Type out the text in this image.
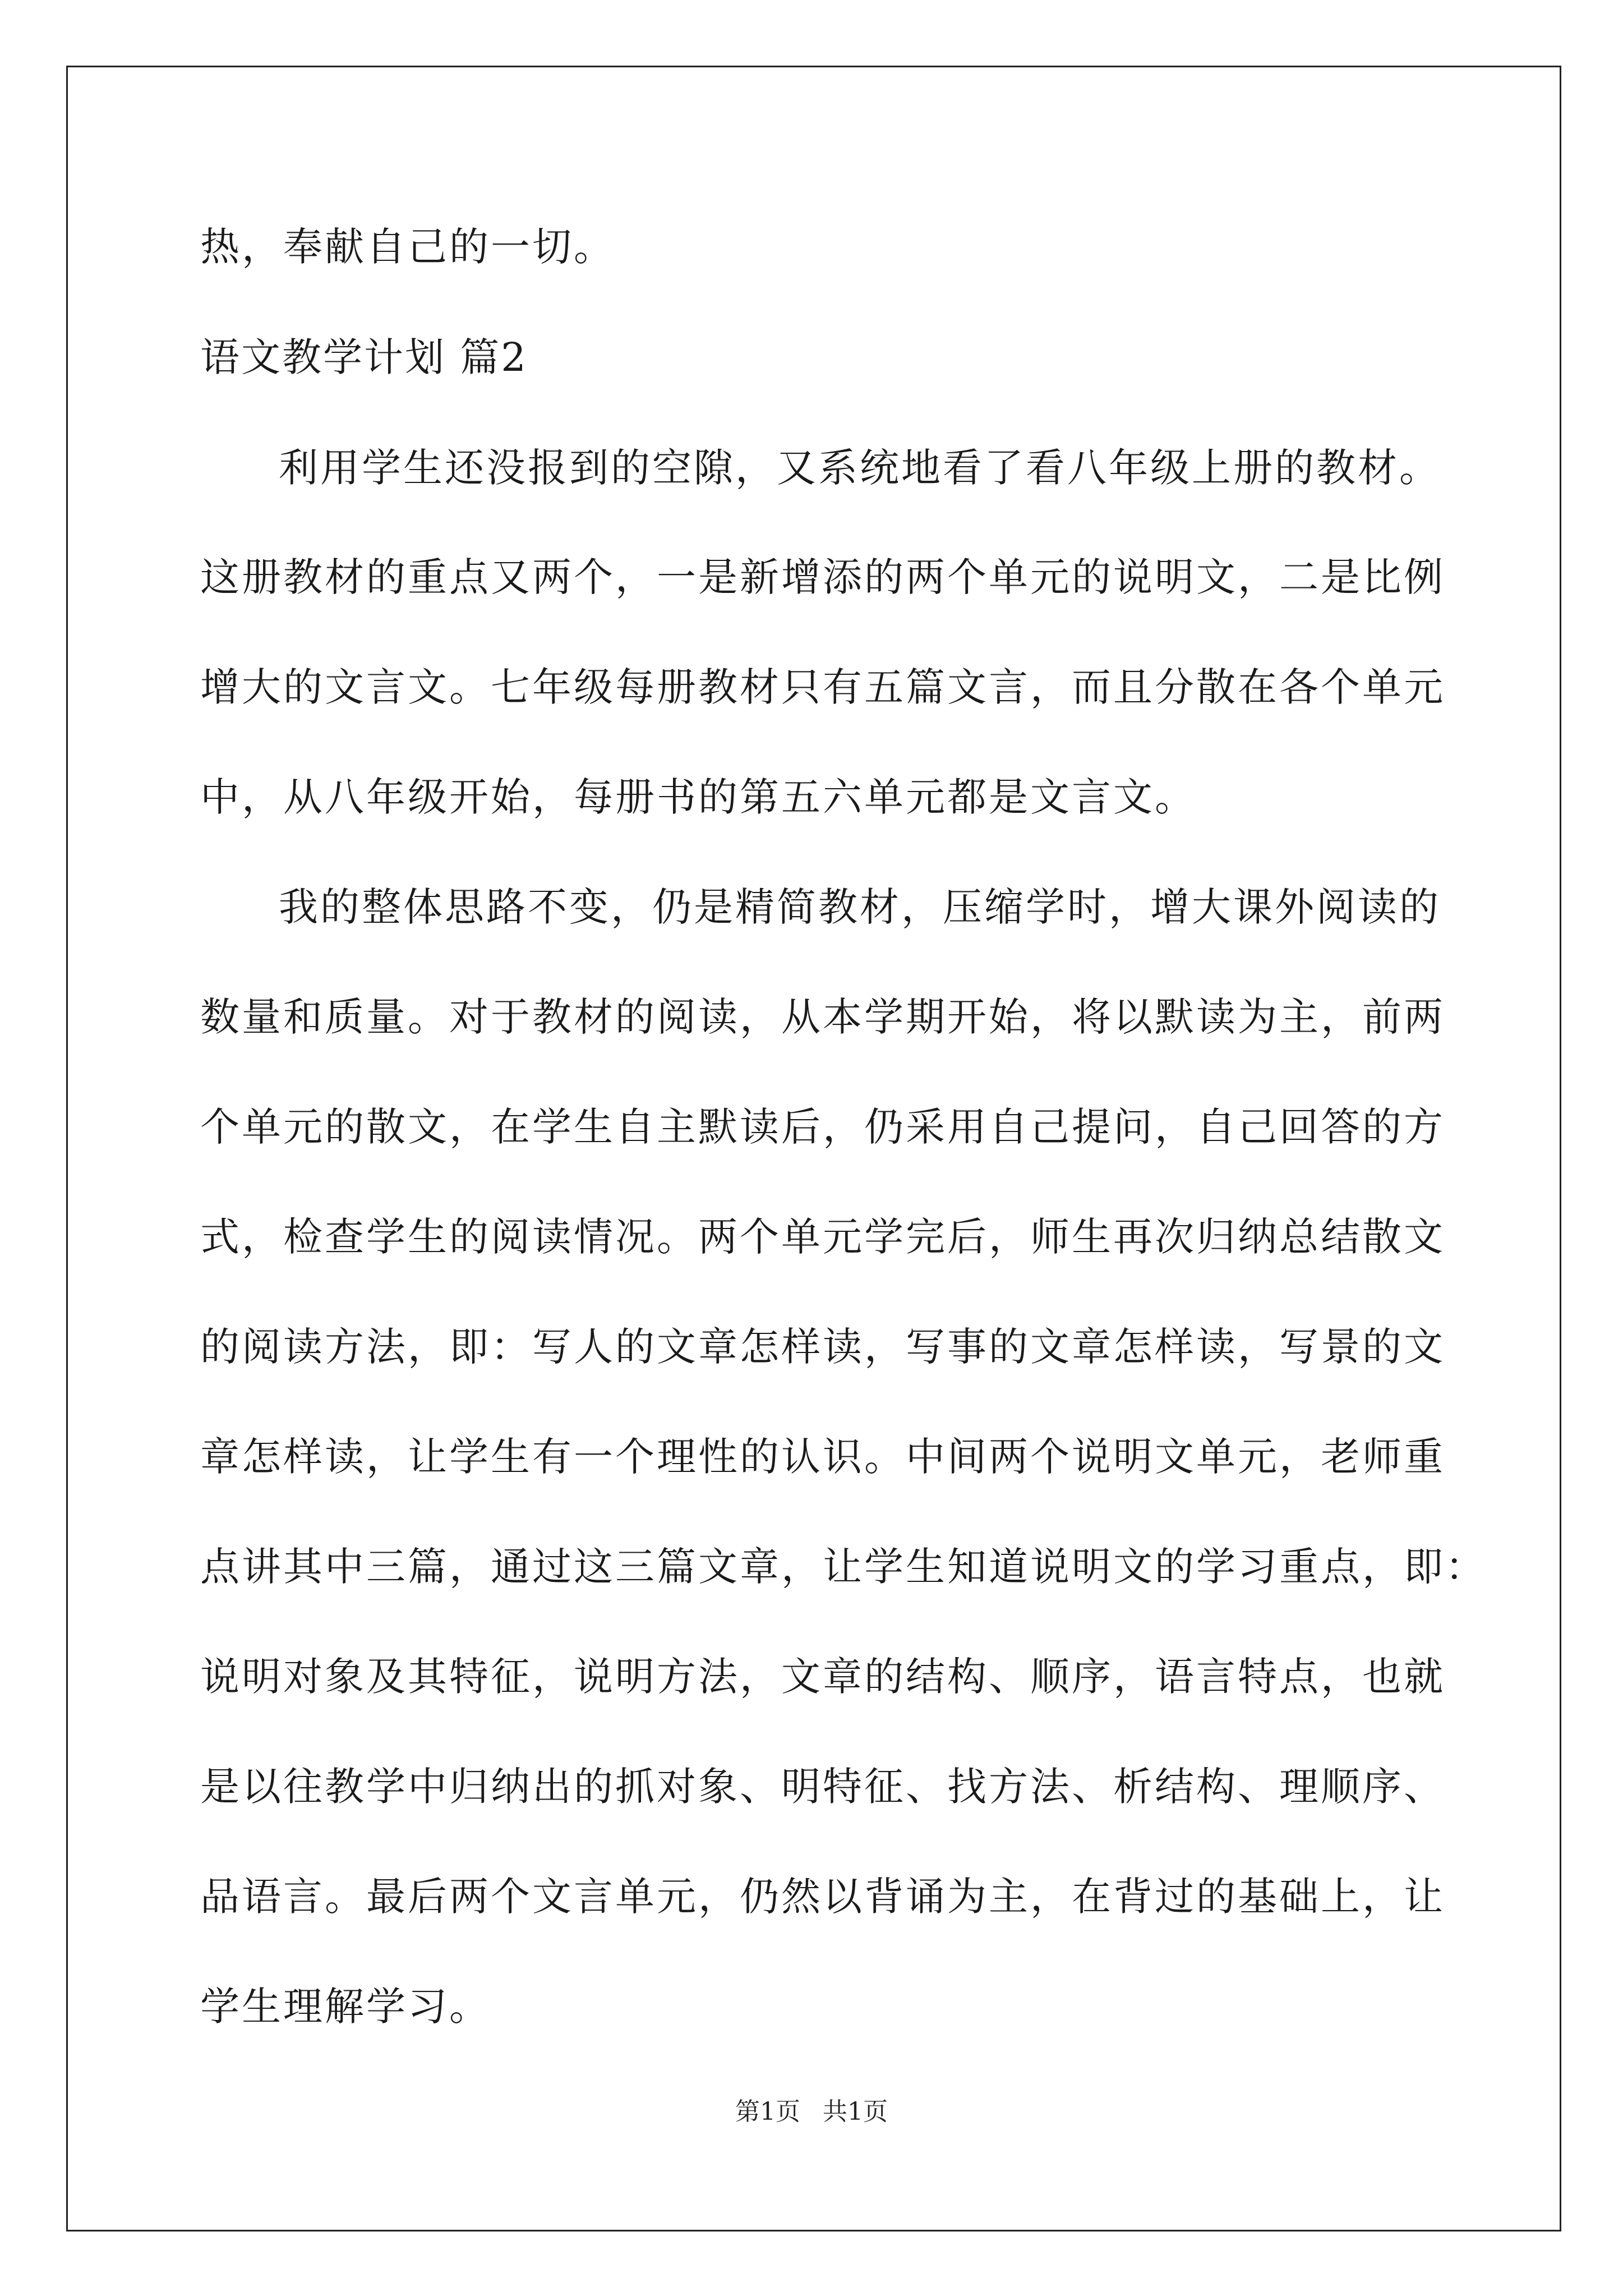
热，奉献自己的一切。
语文教学计划 篇2
利用学生还没报到的空隙，又系统地看了看八年级上册的教材。
这册教材的重点又两个，一是新增添的两个单元的说明文，二是比例
增大的文言文。七年级每册教材只有五篇文言，而且分散在各个单元
中，从八年级开始，每册书的第五六单元都是文言文。
我的整体思路不变，仍是精简教材，压缩学时，增大课外阅读的
数量和质量。对于教材的阅读，从本学期开始，将以默读为主，前两
个单元的散文，在学生自主默读后，仍采用自己提问，自己回答的方
式，检查学生的阅读情况。两个单元学完后，师生再次归纳总结散文
的阅读方法，即：写人的文章怎样读，写事的文章怎样读，写景的文
章怎样读，让学生有一个理性的认识。中间两个说明文单元，老师重
点讲其中三篇，通过这三篇文章，让学生知道说明文的学习重点，即：
说明对象及其特征，说明方法，文章的结构、顺序，语言特点，也就
是以往教学中归纳出的抓对象、明特征、找方法、析结构、理顺序、
品语言。最后两个文言单元，仍然以背诵为主，在背过的基础上，让
学生理解学习。
第1页 共1页
